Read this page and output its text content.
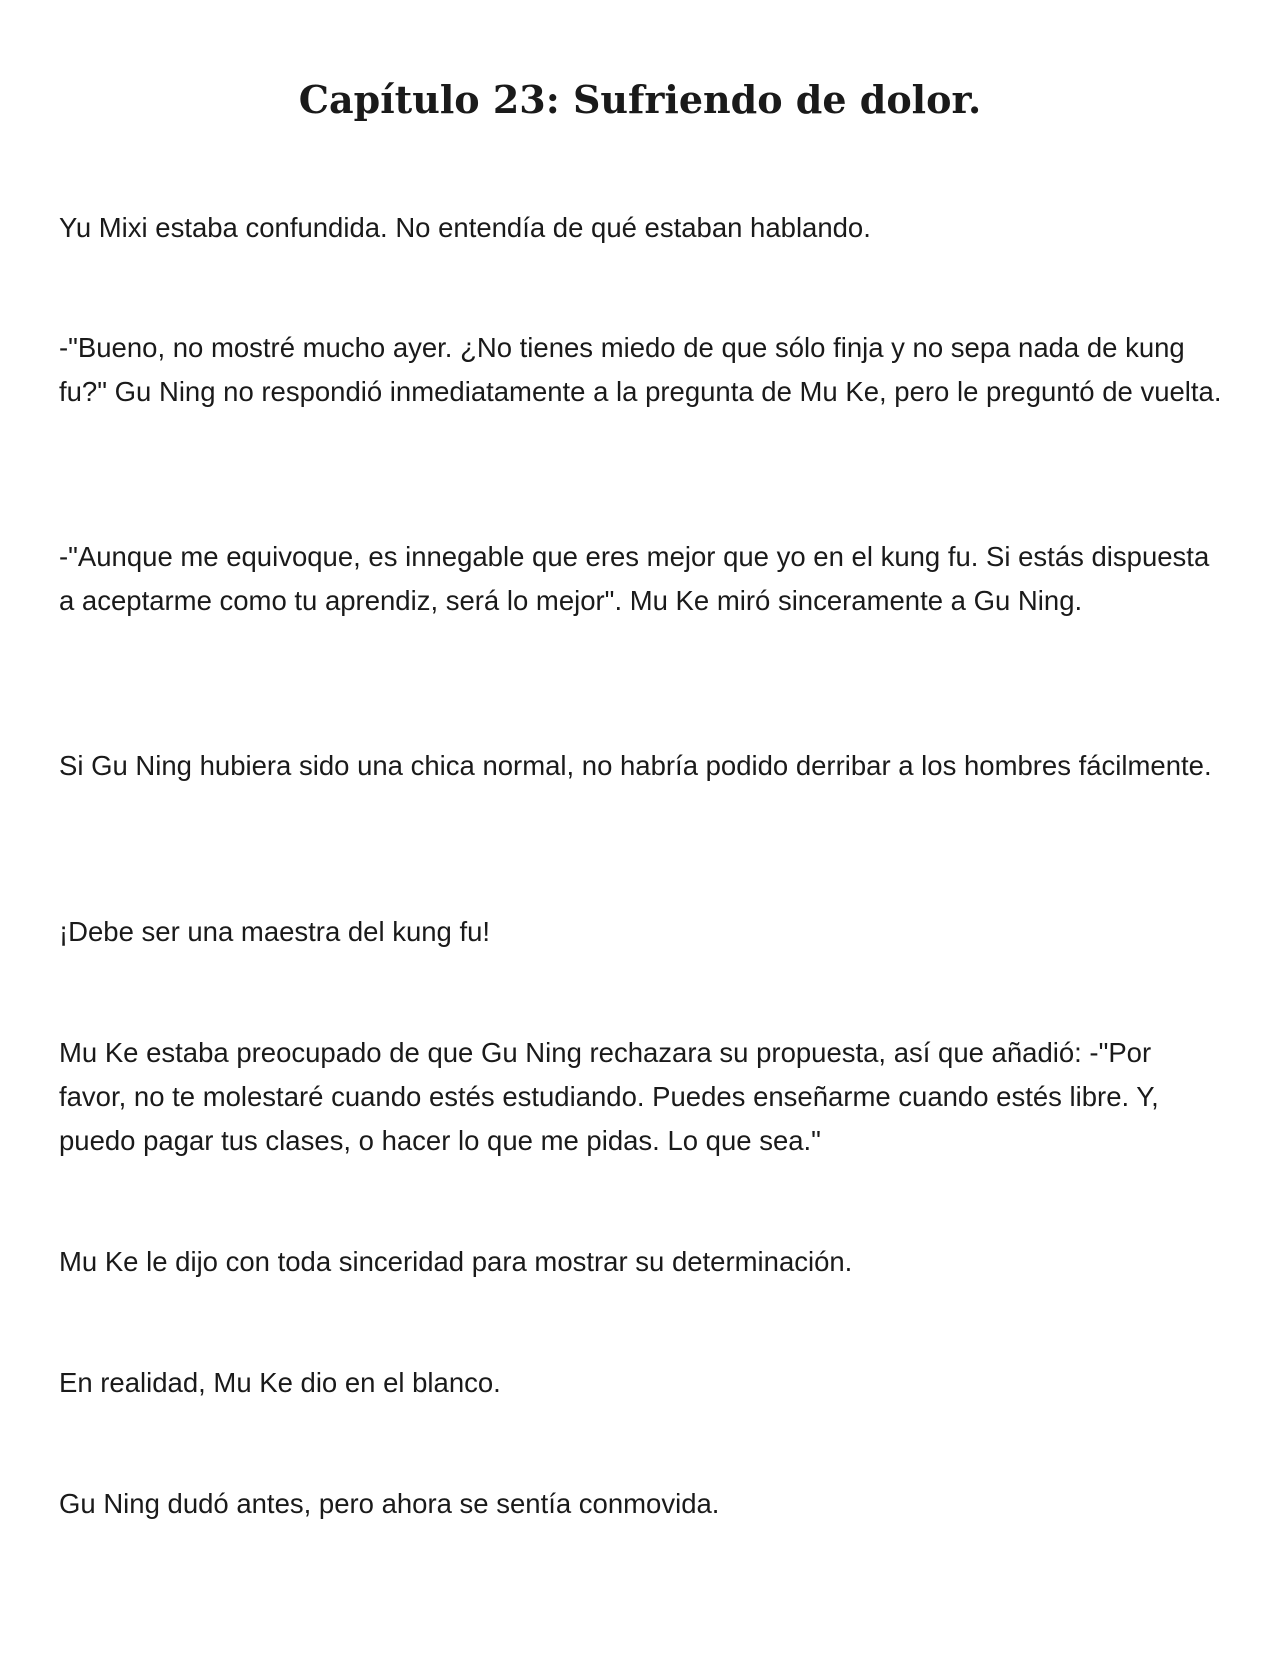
Capítulo 23: Sufriendo de dolor.

Yu Mixi estaba confundida. No entendía de qué estaban hablando.

-"Bueno, no mostré mucho ayer. ¿No tienes miedo de que sólo finja y no sepa nada de kung fu?" Gu Ning no respondió inmediatamente a la pregunta de Mu Ke, pero le preguntó de vuelta.

-"Aunque me equivoque, es innegable que eres mejor que yo en el kung fu. Si estás dispuesta a aceptarme como tu aprendiz, será lo mejor". Mu Ke miró sinceramente a Gu Ning.

Si Gu Ning hubiera sido una chica normal, no habría podido derribar a los hombres fácilmente.

¡Debe ser una maestra del kung fu!

Mu Ke estaba preocupado de que Gu Ning rechazara su propuesta, así que añadió: -"Por favor, no te molestaré cuando estés estudiando. Puedes enseñarme cuando estés libre. Y, puedo pagar tus clases, o hacer lo que me pidas. Lo que sea."

Mu Ke le dijo con toda sinceridad para mostrar su determinación.

En realidad, Mu Ke dio en el blanco.

Gu Ning dudó antes, pero ahora se sentía conmovida.
